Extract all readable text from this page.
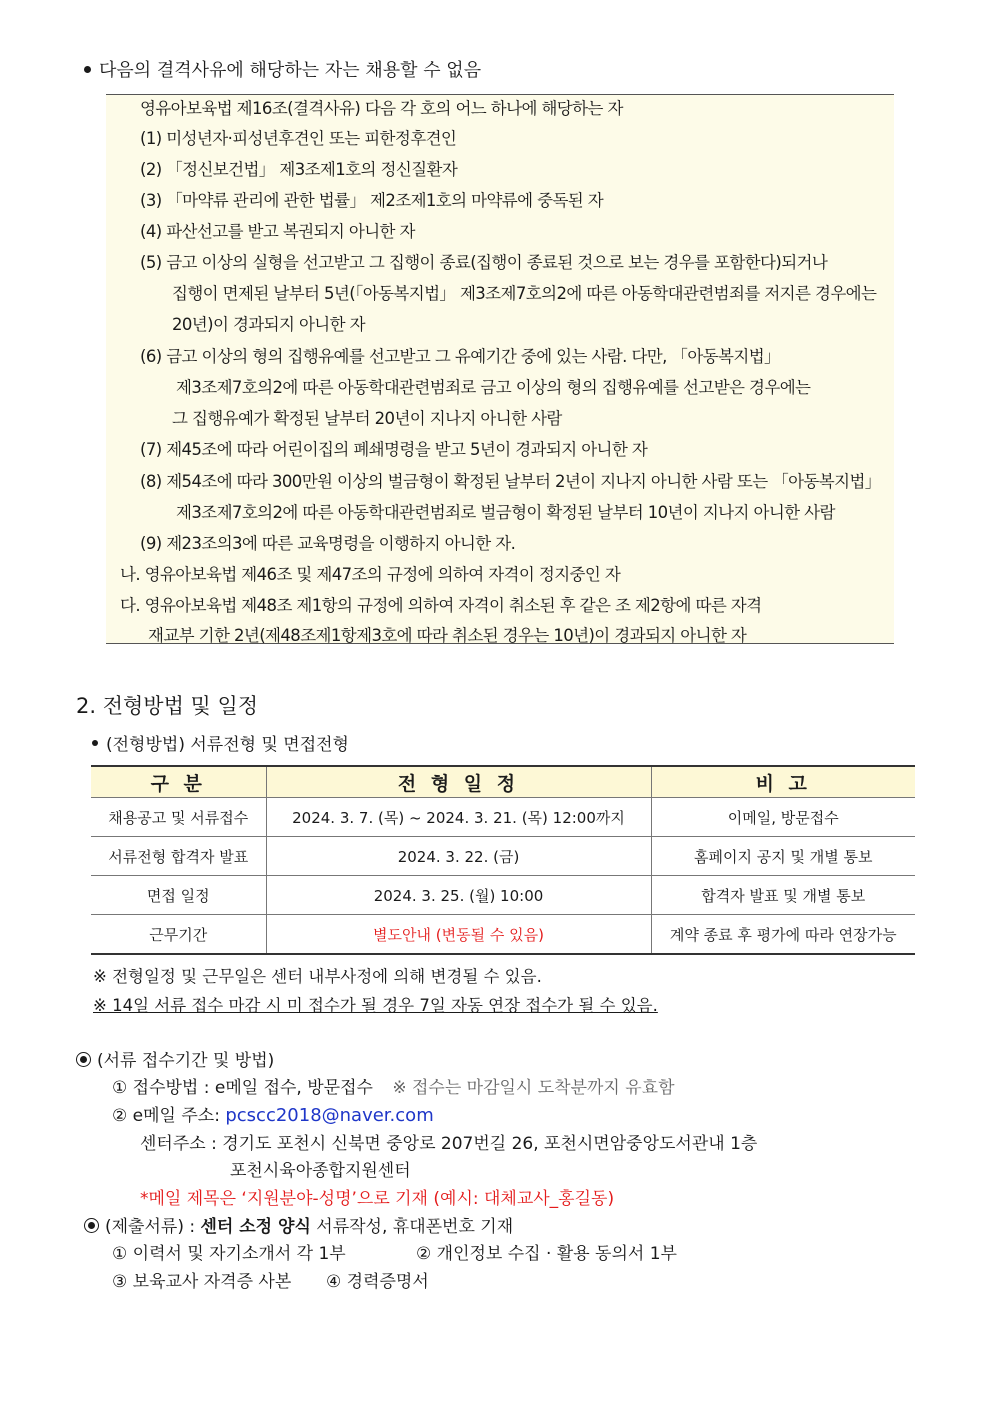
다음의 결격사유에 해당하는 자는 채용할 수 없음
영유아보육법 제16조(결격사유) 다음 각 호의 어느 하나에 해당하는 자
(1) 미성년자·피성년후견인 또는 피한정후견인
(2) 「정신보건법」 제3조제1호의 정신질환자
(3) 「마약류 관리에 관한 법률」 제2조제1호의 마약류에 중독된 자
(4) 파산선고를 받고 복권되지 아니한 자
(5) 금고 이상의 실형을 선고받고 그 집행이 종료(집행이 종료된 것으로 보는 경우를 포함한다)되거나
집행이 면제된 날부터 5년(「아동복지법」 제3조제7호의2에 따른 아동학대관련범죄를 저지른 경우에는
20년)이 경과되지 아니한 자
(6) 금고 이상의 형의 집행유예를 선고받고 그 유예기간 중에 있는 사람. 다만, 「아동복지법」
제3조제7호의2에 따른 아동학대관련범죄로 금고 이상의 형의 집행유예를 선고받은 경우에는
그 집행유예가 확정된 날부터 20년이 지나지 아니한 사람
(7) 제45조에 따라 어린이집의 폐쇄명령을 받고 5년이 경과되지 아니한 자
(8) 제54조에 따라 300만원 이상의 벌금형이 확정된 날부터 2년이 지나지 아니한 사람 또는 「아동복지법」
제3조제7호의2에 따른 아동학대관련범죄로 벌금형이 확정된 날부터 10년이 지나지 아니한 사람
(9) 제23조의3에 따른 교육명령을 이행하지 아니한 자.
나. 영유아보육법 제46조 및 제47조의 규정에 의하여 자격이 정지중인 자
다. 영유아보육법 제48조 제1항의 규정에 의하여 자격이 취소된 후 같은 조 제2항에 따른 자격
재교부 기한 2년(제48조제1항제3호에 따라 취소된 경우는 10년)이 경과되지 아니한 자
2. 전형방법 및 일정
(전형방법) 서류전형 및 면접전형
구 분	전 형 일 정	비 고
채용공고 및 서류접수	2024. 3. 7. (목) ~ 2024. 3. 21. (목) 12:00까지	이메일, 방문접수
서류전형 합격자 발표	2024. 3. 22. (금)	홈페이지 공지 및 개별 통보
면접 일정	2024. 3. 25. (월) 10:00	합격자 발표 및 개별 통보
근무기간	별도안내 (변동될 수 있음)	계약 종료 후 평가에 따라 연장가능
※ 전형일정 및 근무일은 센터 내부사정에 의해 변경될 수 있음.
※ 14일 서류 접수 마감 시 미 접수가 될 경우 7일 자동 연장 접수가 될 수 있음.
(서류 접수기간 및 방법)
① 접수방법 : e메일 접수, 방문접수 ※ 접수는 마감일시 도착분까지 유효함
② e메일 주소: pcscc2018@naver.com
센터주소 : 경기도 포천시 신북면 중앙로 207번길 26, 포천시면암중앙도서관내 1층
포천시육아종합지원센터
*메일 제목은 ‘지원분야-성명’으로 기재 (예시: 대체교사_홍길동)
(제출서류) : 센터 소정 양식 서류작성, 휴대폰번호 기재
① 이력서 및 자기소개서 각 1부	② 개인정보 수집 · 활용 동의서 1부
③ 보육교사 자격증 사본 ④ 경력증명서
